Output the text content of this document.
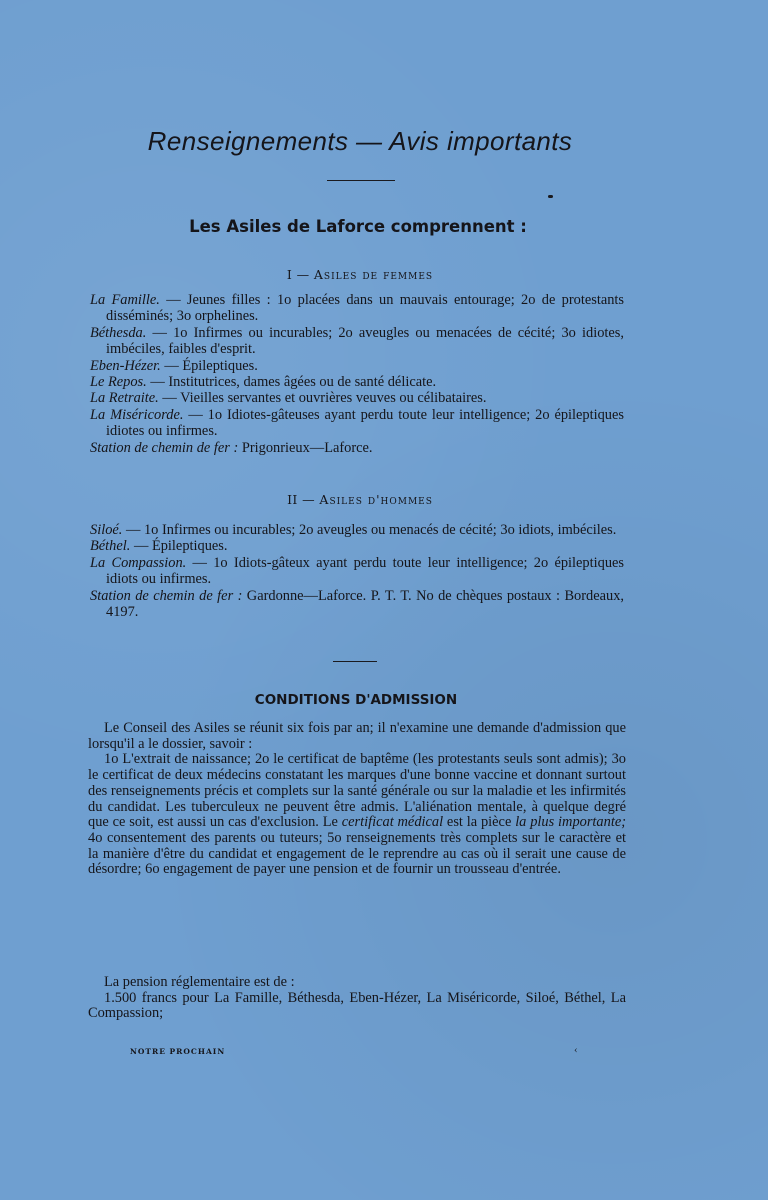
Renseignements — Avis importants
Les Asiles de Laforce comprennent :
I — Asiles de femmes

La Famille. — Jeunes filles : 1o placées dans un mauvais entourage; 2o de protestants disséminés; 3o orphelines.

Béthesda. — 1o Infirmes ou incurables; 2o aveugles ou menacées de cécité; 3o idiotes, imbéciles, faibles d'esprit.

Eben-Hézer. — Épileptiques.

Le Repos. — Institutrices, dames âgées ou de santé délicate.

La Retraite. — Vieilles servantes et ouvrières veuves ou célibataires.

La Miséricorde. — 1o Idiotes-gâteuses ayant perdu toute leur intelligence; 2o épileptiques idiotes ou infirmes.

Station de chemin de fer : Prigonrieux—Laforce.

II — Asiles d'hommes

Siloé. — 1o Infirmes ou incurables; 2o aveugles ou menacés de cécité; 3o idiots, imbéciles.

Béthel. — Épileptiques.

La Compassion. — 1o Idiots-gâteux ayant perdu toute leur intelligence; 2o épileptiques idiots ou infirmes.

Station de chemin de fer : Gardonne—Laforce. P. T. T. No de chèques postaux : Bordeaux, 4197.

CONDITIONS D'ADMISSION

Le Conseil des Asiles se réunit six fois par an; il n'examine une demande d'admission que lorsqu'il a le dossier, savoir :

1o L'extrait de naissance; 2o le certificat de baptême (les protestants seuls sont admis); 3o le certificat de deux médecins constatant les marques d'une bonne vaccine et donnant surtout des renseignements précis et complets sur la santé générale ou sur la maladie et les infirmités du candidat. Les tuberculeux ne peuvent être admis. L'aliénation mentale, à quelque degré que ce soit, est aussi un cas d'exclusion. Le certificat médical est la pièce la plus importante; 4o consentement des parents ou tuteurs; 5o renseignements très complets sur le caractère et la manière d'être du candidat et engagement de le reprendre au cas où il serait une cause de désordre; 6o engagement de payer une pension et de fournir un trousseau d'entrée.

La pension réglementaire est de :

1.500 francs pour La Famille, Béthesda, Eben-Hézer, La Miséricorde, Siloé, Béthel, La Compassion;

NOTRE PROCHAIN	‹
